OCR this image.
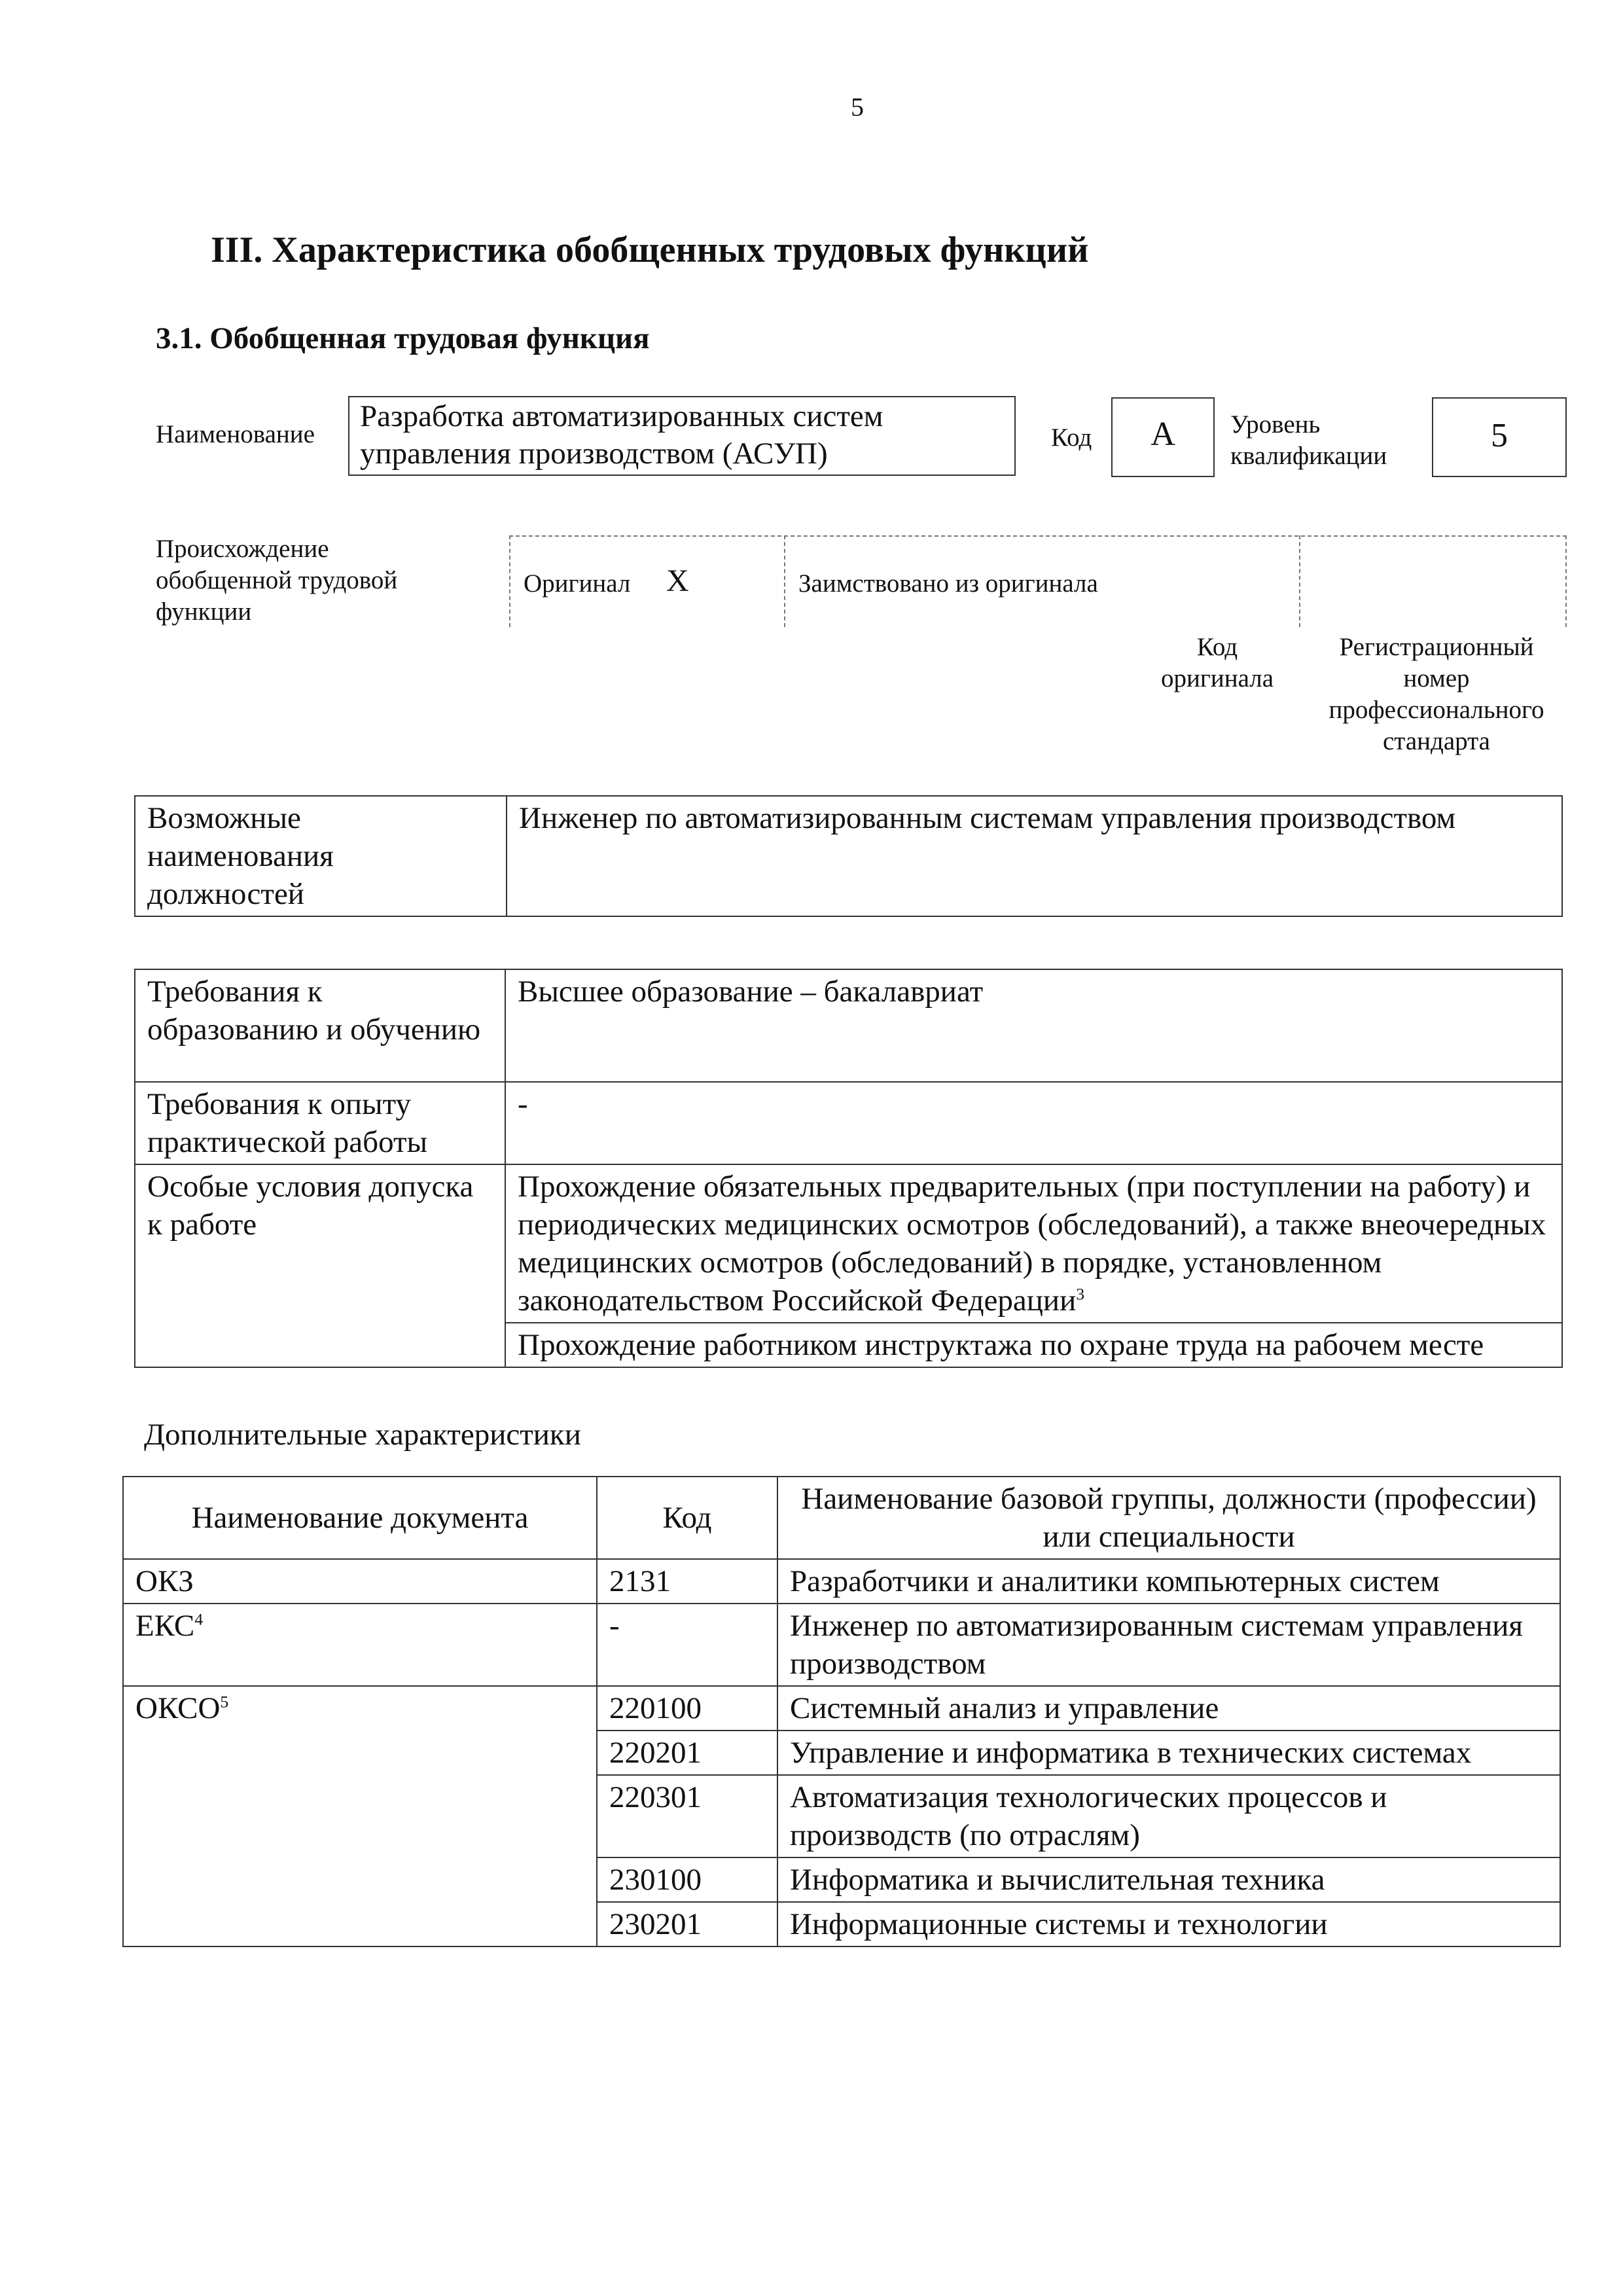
5
III. Характеристика обобщенных трудовых функций
3.1. Обобщенная трудовая функция
Наименование
Разработка автоматизированных систем управления производством (АСУП)	Код	А	Уровень квалификации
5
Происхождение обобщенной трудовой функции
Оригинал X	Заимствовано из оригинала
Код оригинала
Регистрационный номер профессионального стандарта
Возможные наименования должностей	Инженер по автоматизированным системам управления производством
Требования к образованию и обучению	Высшее образование – бакалавриат
Требования к опыту практической работы	-
Особые условия допуска к работе	Прохождение обязательных предварительных (при поступлении на работу) и периодических медицинских осмотров (обследований), а также внеочередных медицинских осмотров (обследований) в порядке, установленном законодательством Российской Федерации$^3$
	Прохождение работником инструктажа по охране труда на рабочем месте
Дополнительные характеристики
Наименование документа	Код	Наименование базовой группы, должности (профессии) или специальности
ОКЗ	2131	Разработчики и аналитики компьютерных систем
ЕКС$^4$	-	Инженер по автоматизированным системам управления производством
ОКСО$^5$	220100	Системный анализ и управление
	220201	Управление и информатика в технических системах
	220301	Автоматизация технологических процессов и производств (по отраслям)
	230100	Информатика и вычислительная техника
	230201	Информационные системы и технологии
